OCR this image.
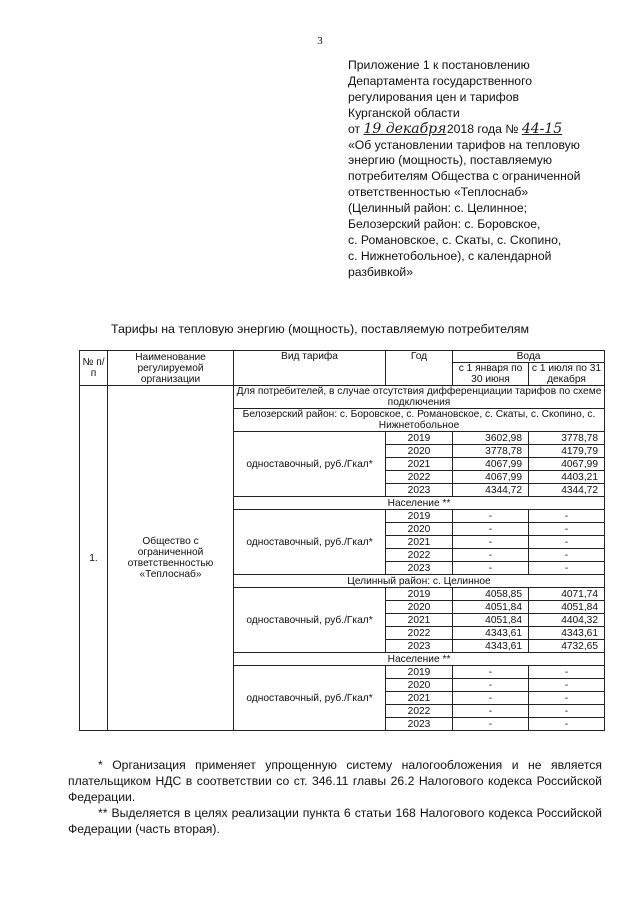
3
Приложение 1 к постановлению
Департамента государственного
регулирования цен и тарифов
Курганской области
от 19 декабря 2018 года № 44-15
«Об установлении тарифов на тепловую
энергию (мощность), поставляемую
потребителям Общества с ограниченной
ответственностью «Теплоснаб»
(Целинный район: с. Целинное;
Белозерский район: с. Боровское,
с. Романовское, с. Скаты, с. Скопино,
с. Нижнетобольное), с календарной
разбивкой»
Тарифы на тепловую энергию (мощность), поставляемую потребителям
№ п/п	Наименование регулируемой организации	Вид тарифа	Год	Вода	
				с 1 января по 30 июня	с 1 июля по 31 декабря

1.	Общество с ограниченной ответственностью «Теплоснаб»	Для потребителей, в случае отсутствия дифференциации тарифов по схеме подключения			
		Белозерский район: с. Боровское, с. Романовское, с. Скаты, с. Скопино, с. Нижнетобольное			
		одноставочный, руб./Гкал*	2019	3602,98	3778,78
			2020	3778,78	4179,79
			2021	4067,99	4067,99
			2022	4067,99	4403,21
			2023	4344,72	4344,72
		Население **			
		одноставочный, руб./Гкал*	2019	-	-
			2020	-	-
			2021	-	-
			2022	-	-
			2023	-	-
		Целинный район: с. Целинное			
		одноставочный, руб./Гкал*	2019	4058,85	4071,74
			2020	4051,84	4051,84
			2021	4051,84	4404,32
			2022	4343,61	4343,61
			2023	4343,61	4732,65
		Население **			
		одноставочный, руб./Гкал*	2019	-	-
			2020	-	-
			2021	-	-
			2022	-	-
			2023	-	-

* Организация применяет упрощенную систему налогообложения и не является плательщиком НДС в соответствии со ст. 346.11 главы 26.2 Налогового кодекса Российской Федерации.

** Выделяется в целях реализации пункта 6 статьи 168 Налогового кодекса Российской Федерации (часть вторая).
